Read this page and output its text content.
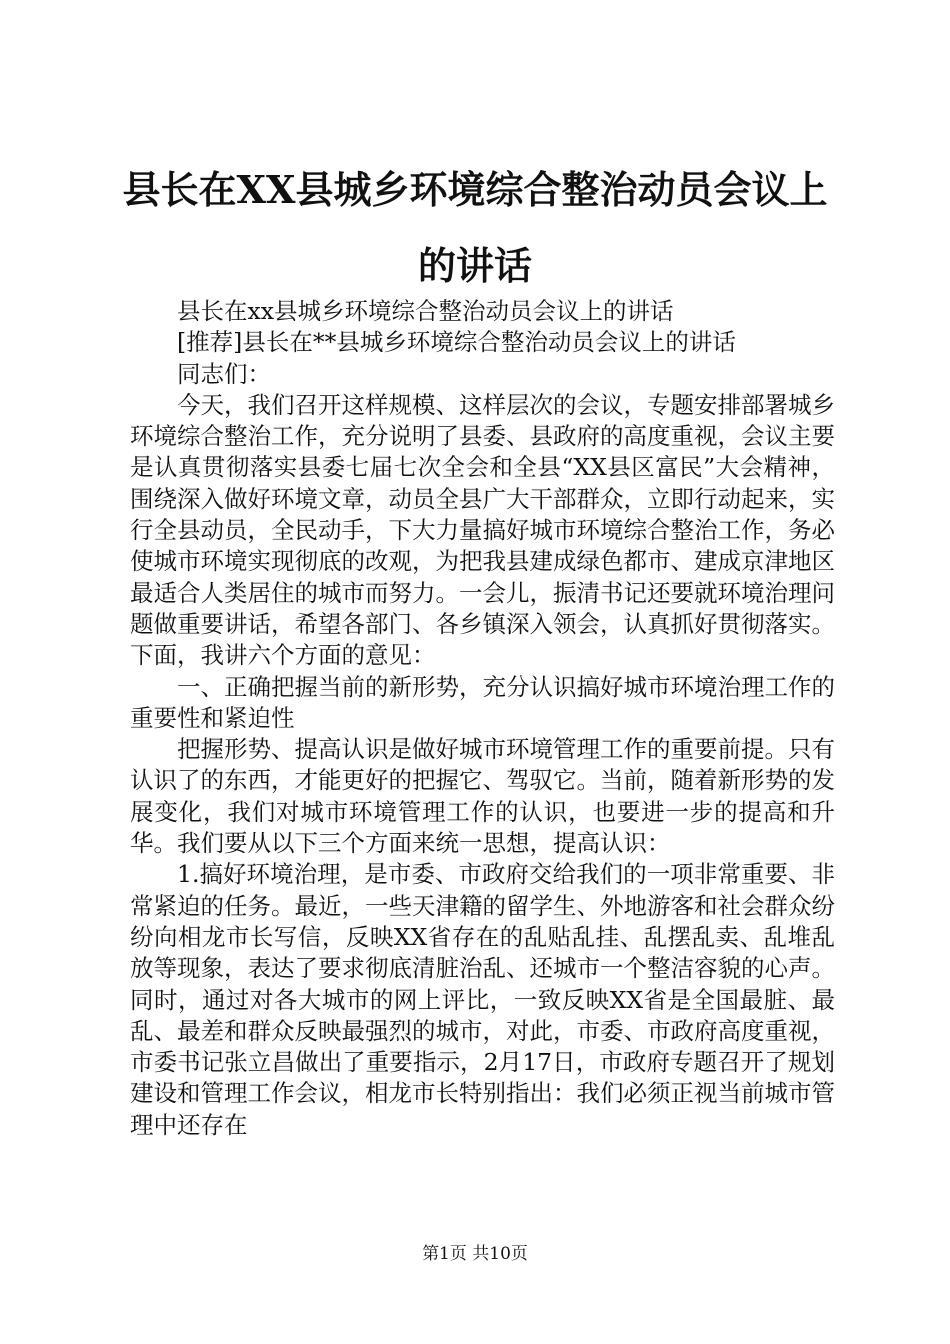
县长在XX县城乡环境综合整治动员会议上的讲话

县长在xx县城乡环境综合整治动员会议上的讲话

[推荐]县长在**县城乡环境综合整治动员会议上的讲话

同志们：

今天，我们召开这样规模、这样层次的会议，专题安排部署城乡环境综合整治工作，充分说明了县委、县政府的高度重视，会议主要是认真贯彻落实县委七届七次全会和全县“XX县区富民”大会精神，围绕深入做好环境文章，动员全县广大干部群众，立即行动起来，实行全县动员，全民动手，下大力量搞好城市环境综合整治工作，务必使城市环境实现彻底的改观，为把我县建成绿色都市、建成京津地区最适合人类居住的城市而努力。一会儿，振清书记还要就环境治理问题做重要讲话，希望各部门、各乡镇深入领会，认真抓好贯彻落实。下面，我讲六个方面的意见：

一、正确把握当前的新形势，充分认识搞好城市环境治理工作的重要性和紧迫性

把握形势、提高认识是做好城市环境管理工作的重要前提。只有认识了的东西，才能更好的把握它、驾驭它。当前，随着新形势的发展变化，我们对城市环境管理工作的认识，也要进一步的提高和升华。我们要从以下三个方面来统一思想，提高认识：

1.搞好环境治理，是市委、市政府交给我们的一项非常重要、非常紧迫的任务。最近，一些天津籍的留学生、外地游客和社会群众纷纷向相龙市长写信，反映XX省存在的乱贴乱挂、乱摆乱卖、乱堆乱放等现象，表达了要求彻底清脏治乱、还城市一个整洁容貌的心声。同时，通过对各大城市的网上评比，一致反映XX省是全国最脏、最乱、最差和群众反映最强烈的城市，对此，市委、市政府高度重视，市委书记张立昌做出了重要指示，2月17日，市政府专题召开了规划建设和管理工作会议，相龙市长特别指出：我们必须正视当前城市管理中还存在

第1页 共10页
